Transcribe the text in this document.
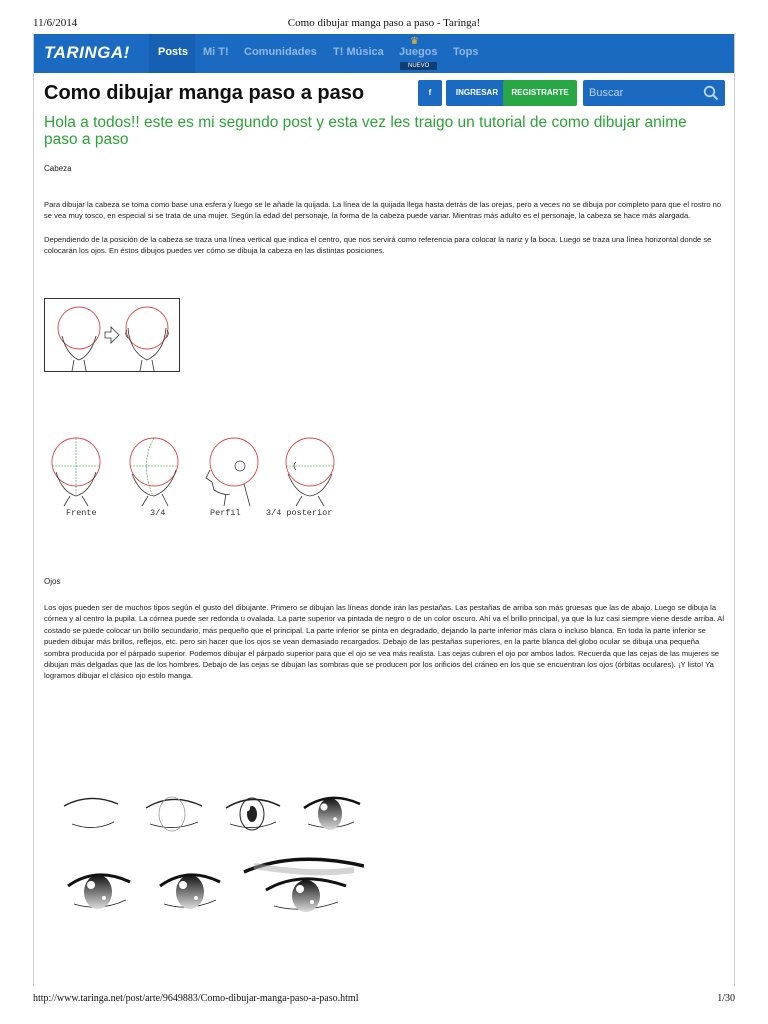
11/6/2014	Como dibujar manga paso a paso - Taringa!
TARINGA!	Posts Mi T! Comunidades T! Música
♛
Juegos
NUEVO
Tops
Como dibujar manga paso a paso	f	INGRESAR	REGISTRARTE
Buscar
Hola a todos!! este es mi segundo post y esta vez les traigo un tutorial de como dibujar anime paso a paso
Cabeza
Para dibujar la cabeza se toma como base una esfera y luego se le añade la quijada. La línea de la quijada llega hasta detrás de las orejas, pero a veces no se dibuja por completo para que el rostro no se vea muy tosco, en especial si se trata de una mujer. Según la edad del personaje, la forma de la cabeza puede variar. Mientras más adulto es el personaje, la cabeza se hace más alargada.
Dependiendo de la posición de la cabeza se traza una línea vertical que indica el centro, que nos servirá como referencia para colocar la nariz y la boca. Luego se traza una línea horizontal donde se colocarán los ojos. En éstos dibujos puedes ver cómo se dibuja la cabeza en las distintas posiciones.
Frente	3/4	Perfil	3/4 posterior
Ojos
Los ojos pueden ser de muchos tipos según el gusto del dibujante. Primero se dibujan las líneas donde irán las pestañas. Las pestañas de arriba son más gruesas que las de abajo. Luego se dibuja la córnea y al centro la pupila. La córnea puede ser redonda u ovalada. La parte superior va pintada de negro o de un color oscuro. Ahí va el brillo principal, ya que la luz casi siempre viene desde arriba. Al costado se puede colocar un brillo secundario, más pequeño que el principal. La parte inferior se pinta en degradado, dejando la parte inferior más clara o incluso blanca. En toda la parte inferior se pueden dibujar más brillos, reflejos, etc. pero sin hacer que los ojos se vean demasiado recargados. Debajo de las pestañas superiores, en la parte blanca del globo ocular se dibuja una pequeña sombra producida por el párpado superior. Podemos dibujar el párpado superior para que el ojo se vea más realista. Las cejas cubren el ojo por ambos lados. Recuerda que las cejas de las mujeres se dibujan más delgadas que las de los hombres. Debajo de las cejas se dibujan las sombras que se producen por los orificios del cráneo en los que se encuentran los ojos (órbitas oculares). ¡Y listo! Ya logramos dibujar el clásico ojo estilo manga.
http://www.taringa.net/post/arte/9649883/Como-dibujar-manga-paso-a-paso.html	1/30
